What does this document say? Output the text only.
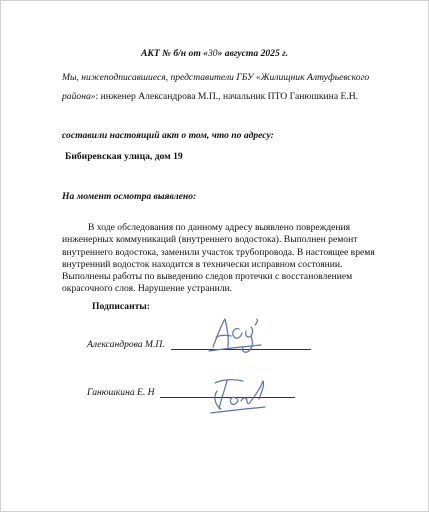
АКТ № б/н от «30» августа 2025 г.
Мы, нижеподписавшиеся, представители ГБУ «Жилищник Алтуфьевского
района»: инженер Александрова М.П., начальник ПТО Ганюшкина Е.Н.
составили настоящий акт о том, что по адресу:
Бибиревская улица, дом 19
На момент осмотра выявлено:
В ходе обследования по данному адресу выявлено повреждения
инженерных коммуникаций (внутреннего водостока). Выполнен ремонт
внутреннего водостока, заменили участок трубопровода. В настоящее время
внутренний водосток находится в технически исправном состоянии.
Выполнены работы по выведению следов протечки с восстановлением
окрасочного слоя. Нарушение устранили.
Подписанты:
Александрова М.П.
Ганюшкина Е. Н
